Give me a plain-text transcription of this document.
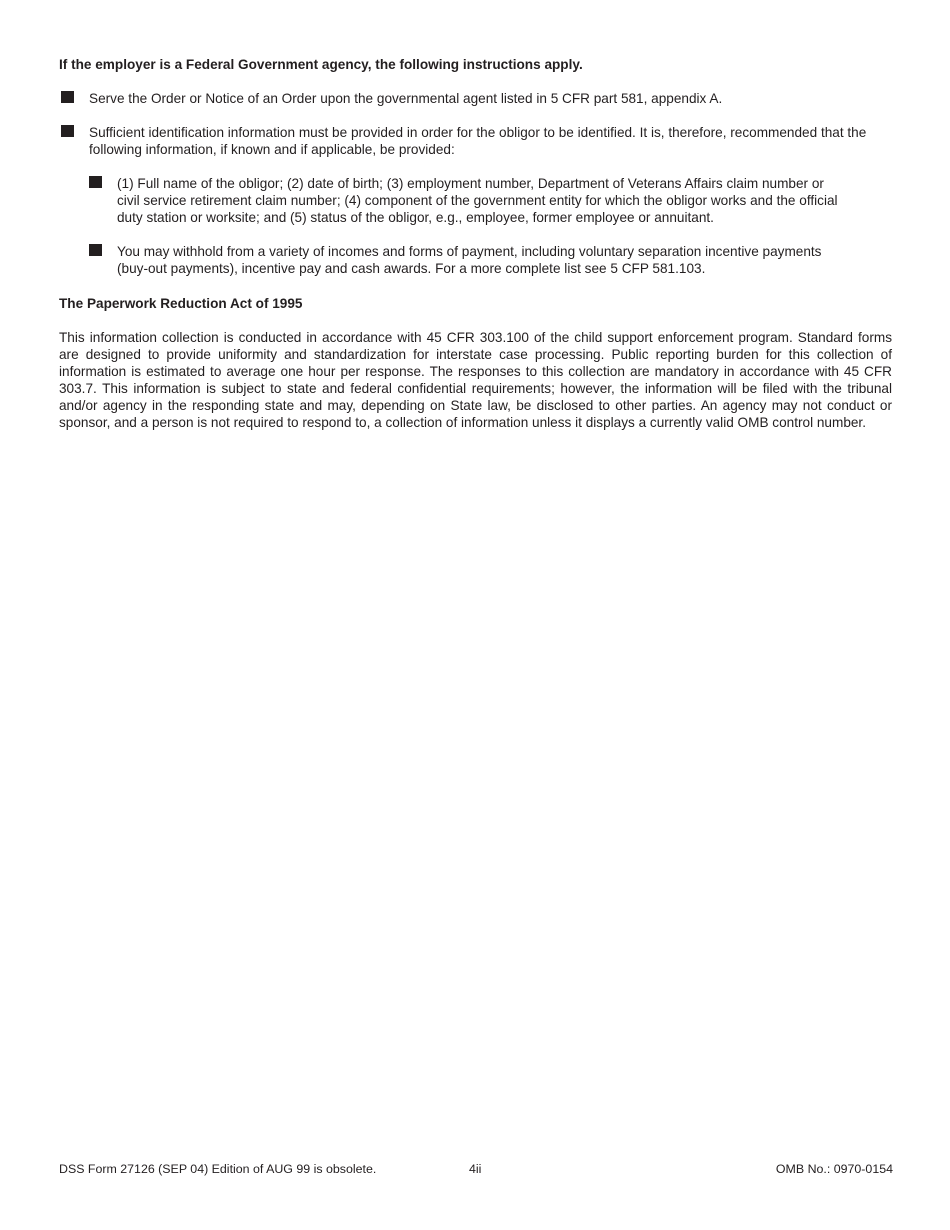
If the employer is a Federal Government agency, the following instructions apply.
Serve the Order or Notice of an Order upon the governmental agent listed in 5 CFR part 581, appendix A.
Sufficient identification information must be provided in order for the obligor to be identified. It is, therefore, recommended that the following information, if known and if applicable, be provided:
(1) Full name of the obligor; (2) date of birth; (3) employment number, Department of Veterans Affairs claim number or civil service retirement claim number; (4) component of the government entity for which the obligor works and the official duty station or worksite; and (5) status of the obligor, e.g., employee, former employee or annuitant.
You may withhold from a variety of incomes and forms of payment, including voluntary separation incentive payments (buy-out payments), incentive pay and cash awards. For a more complete list see 5 CFP 581.103.
The Paperwork Reduction Act of 1995

This information collection is conducted in accordance with 45 CFR 303.100 of the child support enforcement program. Standard forms are designed to provide uniformity and standardization for interstate case processing. Public reporting burden for this collection of information is estimated to average one hour per response. The responses to this collection are mandatory in accordance with 45 CFR 303.7. This information is subject to state and federal confidential requirements; however, the information will be filed with the tribunal and/or agency in the responding state and may, depending on State law, be disclosed to other parties. An agency may not conduct or sponsor, and a person is not required to respond to, a collection of information unless it displays a currently valid OMB control number.

DSS Form 27126 (SEP 04) Edition of AUG 99 is obsolete.	4ii	OMB No.: 0970-0154
